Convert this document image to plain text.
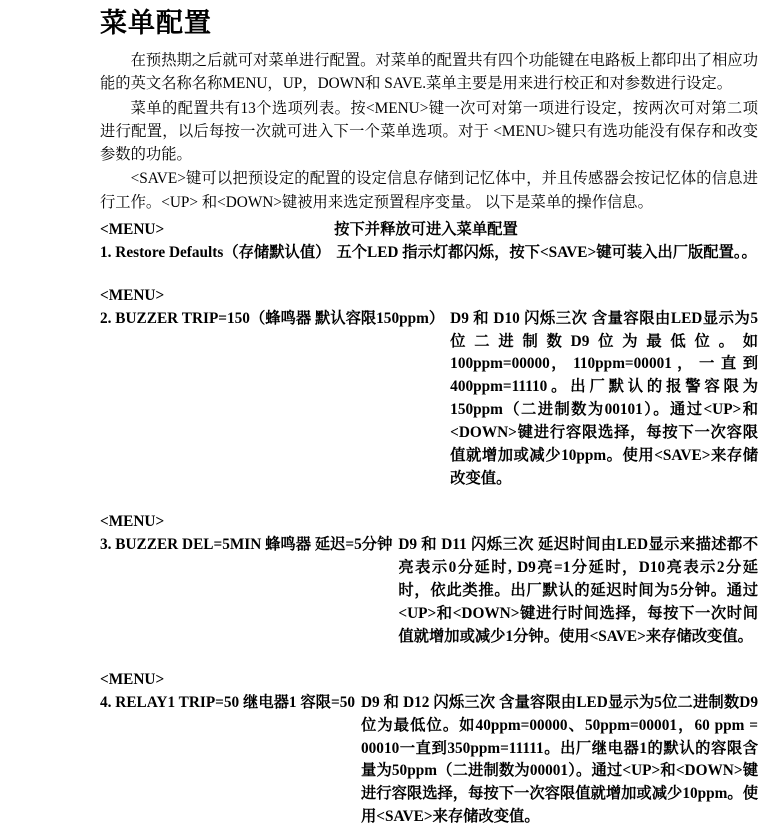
菜单配置

在预热期之后就可对菜单进行配置。对菜单的配置共有四个功能键在电路板上都印出了相应功能的英文名称名称MENU，UP，DOWN和 SAVE.菜单主要是用来进行校正和对参数进行设定。

菜单的配置共有13个选项列表。按<MENU>键一次可对第一项进行设定，按两次可对第二项进行配置，以后每按一次就可进入下一个菜单选项。对于 <MENU>键只有选功能没有保存和改变参数的功能。

<SAVE>键可以把预设定的配置的设定信息存储到记忆体中，并且传感器会按记忆体的信息进行工作。<UP> 和<DOWN>键被用来选定预置程序变量。 以下是菜单的操作信息。

<MENU>	按下并释放可进入菜单配置
1. Restore Defaults（存储默认值） 五个LED 指示灯都闪烁，按下<SAVE>键可装入出厂版配置。。
<MENU>
2. BUZZER TRIP=150（蜂鸣器 默认容限150ppm） D9 和 D10 闪烁三次 含量容限由LED显示为5位二进制数D9位为最低位。如100ppm=00000， 110ppm=00001 ， 一 直 到400ppm=11110。出厂默认的报警容限为150ppm（二进制数为00101）。通过<UP>和<DOWN>键进行容限选择，每按下一次容限值就增加或减少10ppm。使用<SAVE>来存储改变值。
<MENU>
3. BUZZER DEL=5MIN 蜂鸣器 延迟=5分钟 D9 和 D11 闪烁三次 延迟时间由LED显示来描述都不亮表示0分延时, D9亮=1分延时，D10亮表示2分延时，依此类推。出厂默认的延迟时间为5分钟。通过<UP>和<DOWN>键进行时间选择，每按下一次时间值就增加或减少1分钟。使用<SAVE>来存储改变值。
<MENU>
4. RELAY1 TRIP=50 继电器1 容限=50 D9 和 D12 闪烁三次 含量容限由LED显示为5位二进制数D9位为最低位。如40ppm=00000、50ppm=00001，60 ppm = 00010一直到350ppm=11111。出厂继电器1的默认的容限含量为50ppm（二进制数为00001）。通过<UP>和<DOWN>键进行容限选择，每按下一次容限值就增加或减少10ppm。使用<SAVE>来存储改变值。
